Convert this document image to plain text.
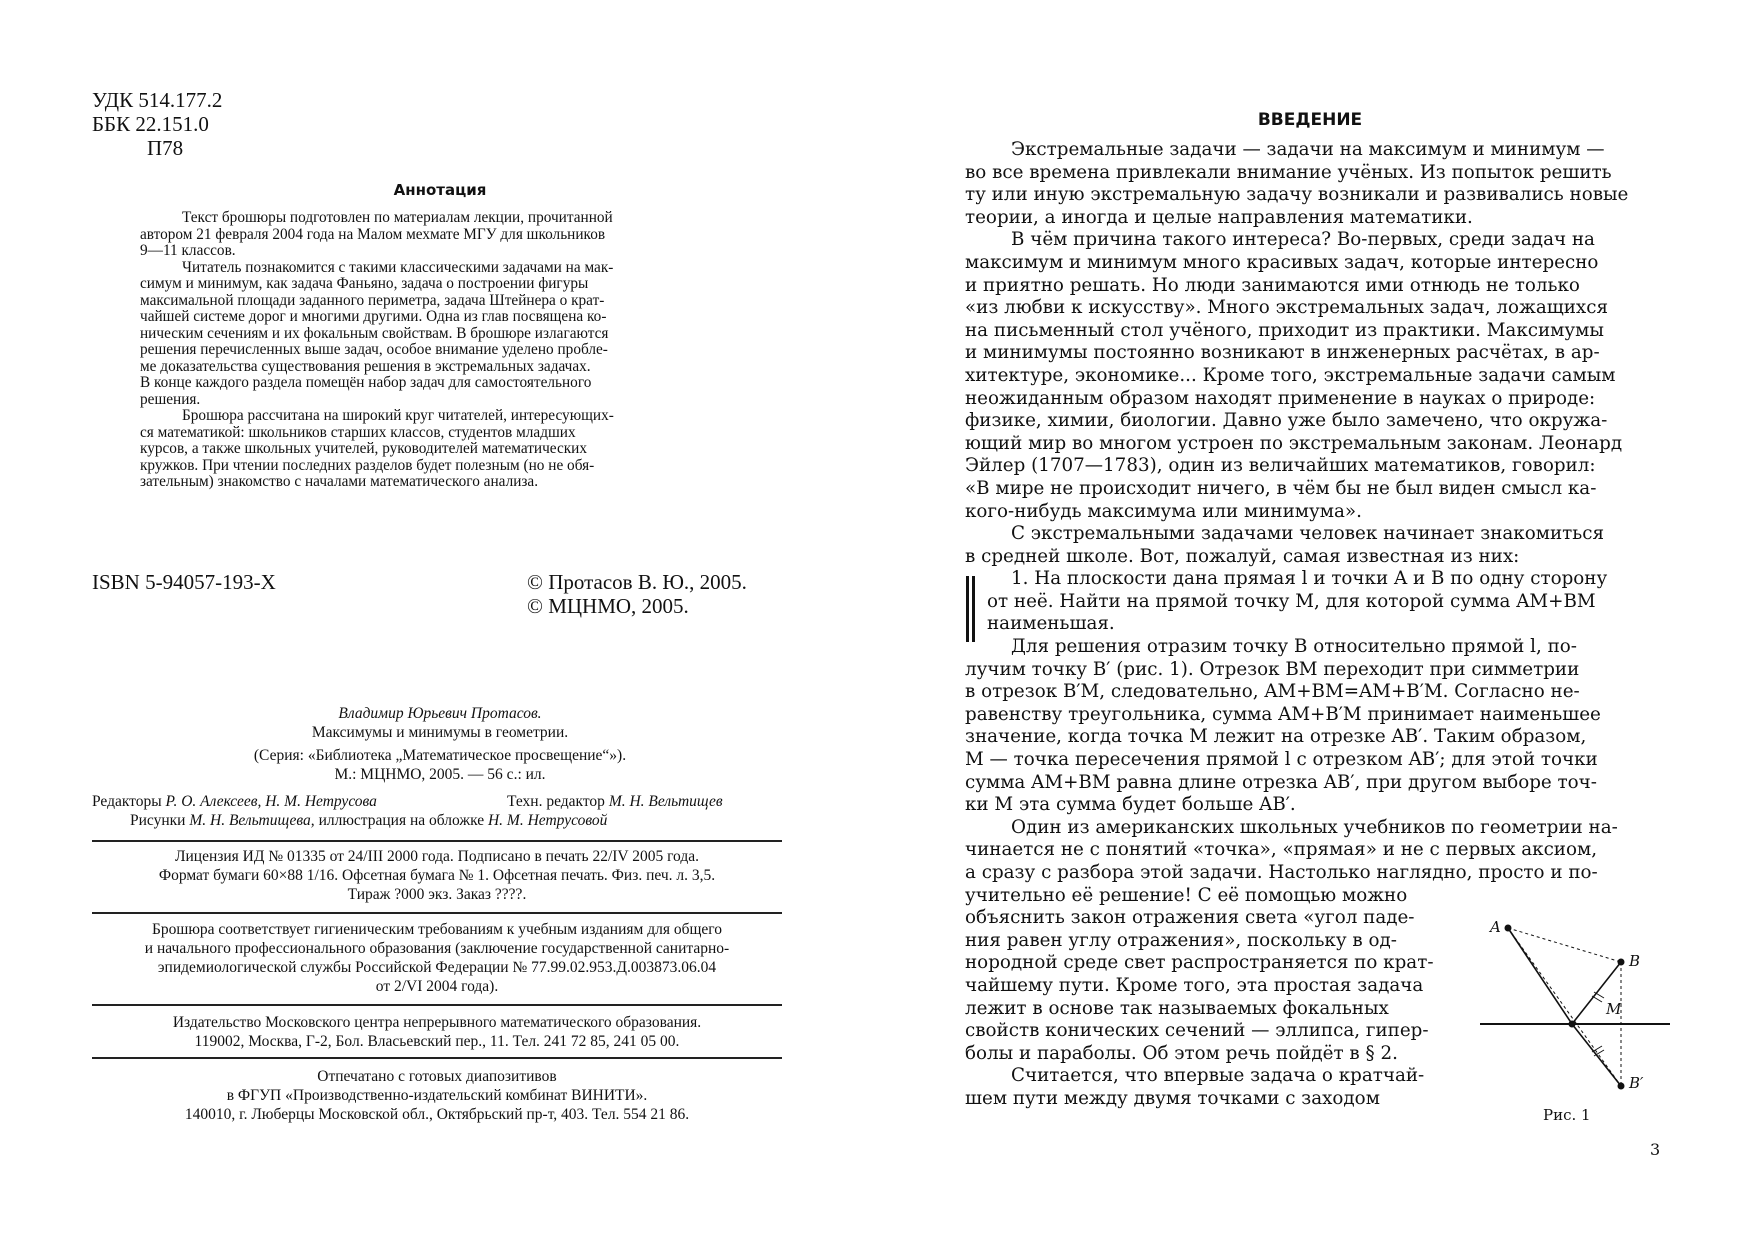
УДК 514.177.2
ББК 22.151.0
П78
Аннотация
Текст брошюры подготовлен по материалам лекции, прочитанной
автором 21 февраля 2004 года на Малом мехмате МГУ для школьников
9—11 классов.
Читатель познакомится с такими классическими задачами на мак-
симум и минимум, как задача Фаньяно, задача о построении фигуры
максимальной площади заданного периметра, задача Штейнера о крат-
чайшей системе дорог и многими другими. Одна из глав посвящена ко-
ническим сечениям и их фокальным свойствам. В брошюре излагаются
решения перечисленных выше задач, особое внимание уделено пробле-
ме доказательства существования решения в экстремальных задачах.
В конце каждого раздела помещён набор задач для самостоятельного
решения.
Брошюра рассчитана на широкий круг читателей, интересующих-
ся математикой: школьников старших классов, студентов младших
курсов, а также школьных учителей, руководителей математических
кружков. При чтении последних разделов будет полезным (но не обя-
зательным) знакомство с началами математического анализа.
ISBN 5-94057-193-X	© Протасов В. Ю., 2005.
© МЦНМО, 2005.
Владимир Юрьевич Протасов.
Максимумы и минимумы в геометрии.
(Серия: «Библиотека „Математическое просвещение“»).
М.: МЦНМО, 2005. — 56 с.: ил.
Редакторы Р. О. Алексеев, Н. М. Нетрусова	Техн. редактор М. Н. Вельтищев
Рисунки М. Н. Вельтищева, иллюстрация на обложке Н. М. Нетрусовой
Лицензия ИД № 01335 от 24/III 2000 года. Подписано в печать 22/IV 2005 года.
Формат бумаги 60×88 1/16. Офсетная бумага № 1. Офсетная печать. Физ. печ. л. 3,5.
Тираж ?000 экз. Заказ ????.
Брошюра соответствует гигиеническим требованиям к учебным изданиям для общего
и начального профессионального образования (заключение государственной санитарно-
эпидемиологической службы Российской Федерации № 77.99.02.953.Д.003873.06.04
от 2/VI 2004 года).
Издательство Московского центра непрерывного математического образования.
119002, Москва, Г-2, Бол. Власьевский пер., 11. Тел. 241 72 85, 241 05 00.
Отпечатано с готовых диапозитивов
в ФГУП «Производственно-издательский комбинат ВИНИТИ».
140010, г. Люберцы Московской обл., Октябрьский пр-т, 403. Тел. 554 21 86.
ВВЕДЕНИЕ
Экстремальные задачи — задачи на максимум и минимум —
во все времена привлекали внимание учёных. Из попыток решить
ту или иную экстремальную задачу возникали и развивались новые
теории, а иногда и целые направления математики.
В чём причина такого интереса? Во-первых, среди задач на
максимум и минимум много красивых задач, которые интересно
и приятно решать. Но люди занимаются ими отнюдь не только
«из любви к искусству». Много экстремальных задач, ложащихся
на письменный стол учёного, приходит из практики. Максимумы
и минимумы постоянно возникают в инженерных расчётах, в ар-
хитектуре, экономике... Кроме того, экстремальные задачи самым
неожиданным образом находят применение в науках о природе:
физике, химии, биологии. Давно уже было замечено, что окружа-
ющий мир во многом устроен по экстремальным законам. Леонард
Эйлер (1707—1783), один из величайших математиков, говорил:
«В мире не происходит ничего, в чём бы не был виден смысл ка-
кого-нибудь максимума или минимума».
С экстремальными задачами человек начинает знакомиться
в средней школе. Вот, пожалуй, самая известная из них:
1. На плоскости дана прямая l и точки A и B по одну сторону
от неё. Найти на прямой точку M, для которой сумма AM+BM
наименьшая.
Для решения отразим точку B относительно прямой l, по-
лучим точку B′ (рис. 1). Отрезок BM переходит при симметрии
в отрезок B′M, следовательно, AM+BM=AM+B′M. Согласно не-
равенству треугольника, сумма AM+B′M принимает наименьшее
значение, когда точка M лежит на отрезке AB′. Таким образом,
M — точка пересечения прямой l с отрезком AB′; для этой точки
сумма AM+BM равна длине отрезка AB′, при другом выборе точ-
ки M эта сумма будет больше AB′.
Один из американских школьных учебников по геометрии на-
чинается не с понятий «точка», «прямая» и не с первых аксиом,
а сразу с разбора этой задачи. Настолько наглядно, просто и по-
учительно её решение! С её помощью можно
объяснить закон отражения света «угол паде-
ния равен углу отражения», поскольку в од-
нородной среде свет распространяется по крат-
чайшему пути. Кроме того, эта простая задача
лежит в основе так называемых фокальных
свойств конических сечений — эллипса, гипер-
болы и параболы. Об этом речь пойдёт в § 2.
Считается, что впервые задача о кратчай-
шем пути между двумя точками с заходом
A
B
M
B′
Рис. 1
3
